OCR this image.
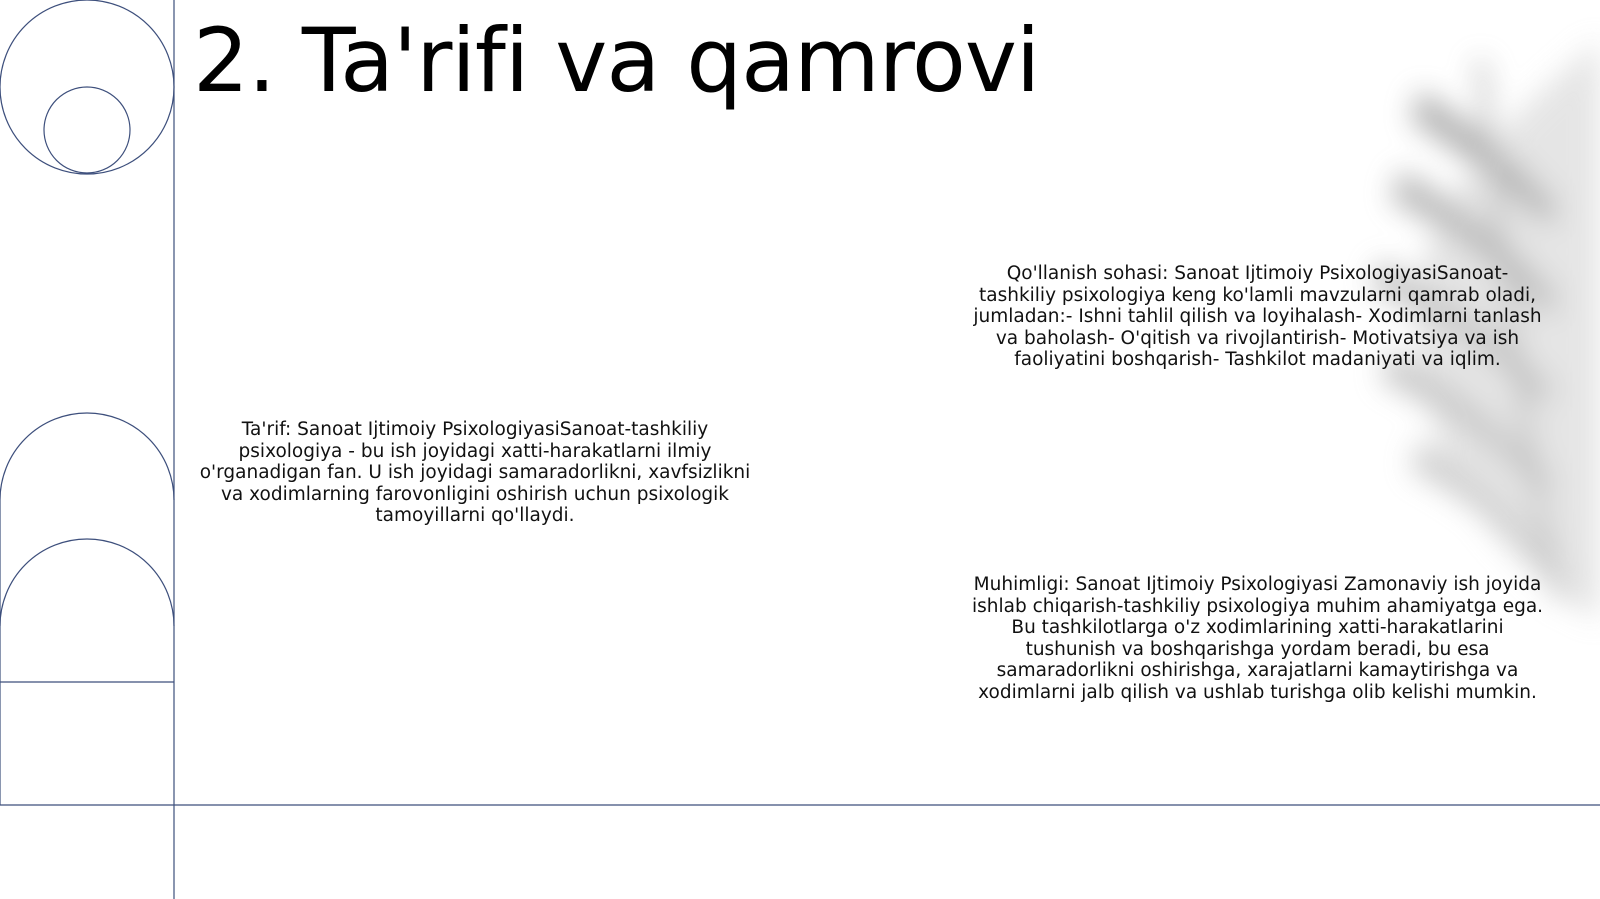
2. Ta'rifi va qamrovi

Qo'llanish sohasi: Sanoat Ijtimoiy PsixologiyasiSanoat-tashkiliy psixologiya keng ko'lamli mavzularni qamrab oladi, jumladan:- Ishni tahlil qilish va loyihalash- Xodimlarni tanlash va baholash- O'qitish va rivojlantirish- Motivatsiya va ish faoliyatini boshqarish- Tashkilot madaniyati va iqlim.

Ta'rif: Sanoat Ijtimoiy PsixologiyasiSanoat-tashkiliy psixologiya - bu ish joyidagi xatti-harakatlarni ilmiy o'rganadigan fan. U ish joyidagi samaradorlikni, xavfsizlikni va xodimlarning farovonligini oshirish uchun psixologik tamoyillarni qo'llaydi.

Muhimligi: Sanoat Ijtimoiy Psixologiyasi Zamonaviy ish joyida ishlab chiqarish-tashkiliy psixologiya muhim ahamiyatga ega. Bu tashkilotlarga o'z xodimlarining xatti-harakatlarini tushunish va boshqarishga yordam beradi, bu esa samaradorlikni oshirishga, xarajatlarni kamaytirishga va xodimlarni jalb qilish va ushlab turishga olib kelishi mumkin.
